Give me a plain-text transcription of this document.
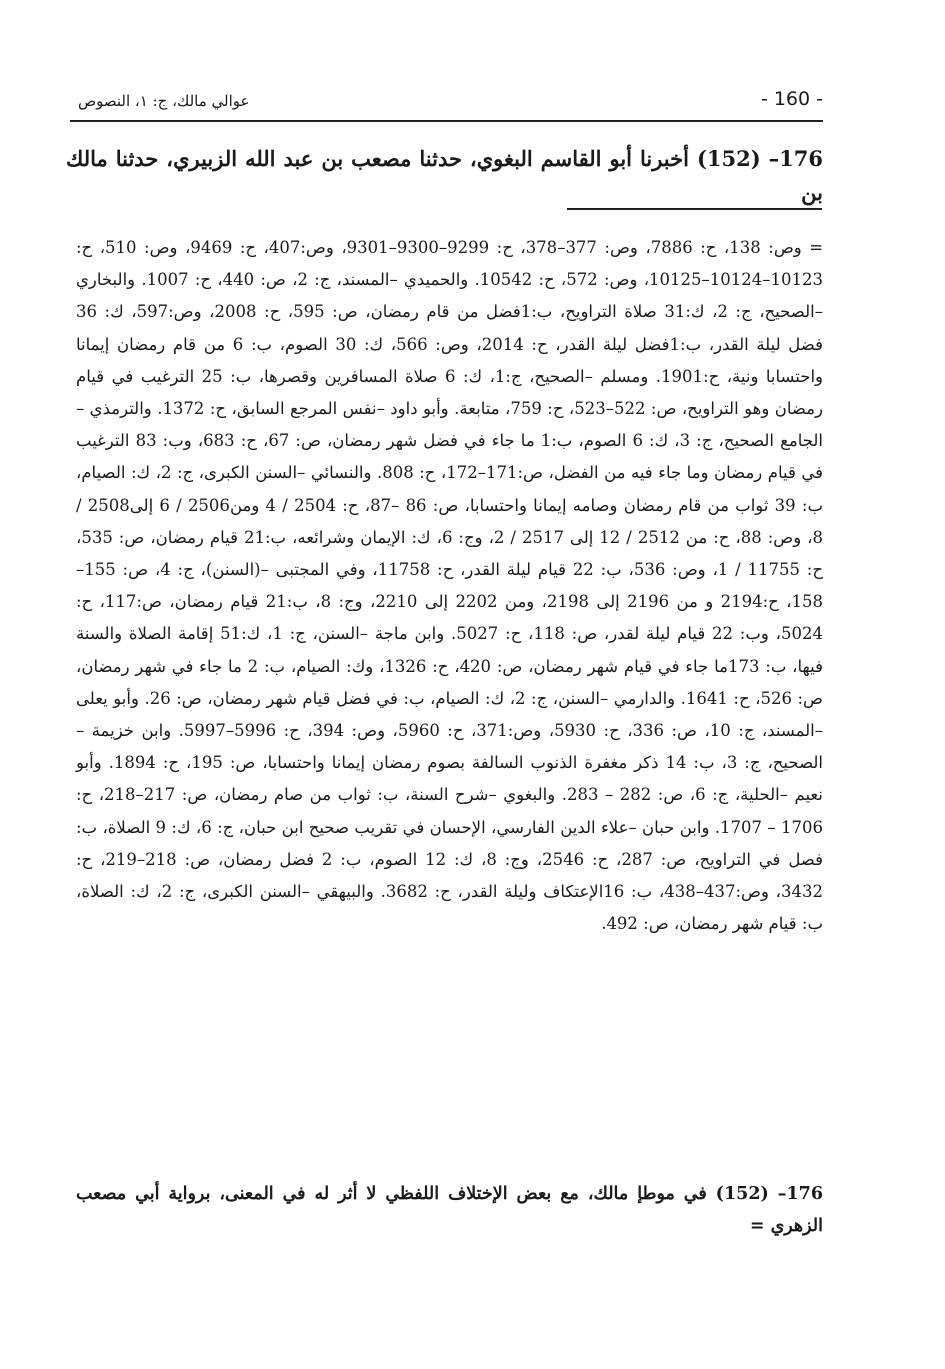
- 160 -
عوالي مالك، ج: ١، النصوص
176– (152) أخبرنا أبو القاسم البغوي، حدثنا مصعب بن عبد الله الزبيري، حدثنا مالك بن
= وص: 138، ح: 7886، وص: 377–378، ح: 9299–9300–9301، وص:407، ح: 9469، وص: 510، ح: 10123–10124–10125، وص: 572، ح: 10542. والحميدي –المسند، ج: 2، ص: 440، ح: 1007. والبخاري –الصحيح، ج: 2، ك:31 صلاة التراويح، ب:1فضل من قام رمضان، ص: 595، ح: 2008، وص:597، ك: 36 فضل ليلة القدر، ب:1فضل ليلة القدر، ح: 2014، وص: 566، ك: 30 الصوم، ب: 6 من قام رمضان إيمانا واحتسابا ونية، ح:1901. ومسلم –الصحيح، ج:1، ك: 6 صلاة المسافرين وقصرها، ب: 25 الترغيب في قيام رمضان وهو التراويح، ص: 522–523، ح: 759، متابعة. وأبو داود –نفس المرجع السابق، ح: 1372. والترمذي –الجامع الصحيح، ج: 3، ك: 6 الصوم، ب:1 ما جاء في فضل شهر رمضان، ص: 67، ح: 683، وب: 83 الترغيب في قيام رمضان وما جاء فيه من الفضل، ص:171–172، ح: 808. والنسائي –السنن الكبرى، ج: 2، ك: الصيام، ب: 39 ثواب من قام رمضان وصامه إيمانا واحتسابا، ص: 86 –87، ح: 2504 / 4 ومن2506 / 6 إلى2508 / 8، وص: 88، ح: من 2512 / 12 إلى 2517 / 2، وج: 6، ك: الإيمان وشرائعه، ب:21 قيام رمضان، ص: 535، ح: 11755 / 1، وص: 536، ب: 22 قيام ليلة القدر، ح: 11758، وفي المجتبى –(السنن)، ج: 4، ص: 155– 158، ح:2194 و من 2196 إلى 2198، ومن 2202 إلى 2210، وج: 8، ب:21 قيام رمضان، ص:117، ح: 5024، وب: 22 قيام ليلة لقدر، ص: 118، ح: 5027. وابن ماجة –السنن، ج: 1، ك:51 إقامة الصلاة والسنة فيها، ب: 173ما جاء في قيام شهر رمضان، ص: 420، ح: 1326، وك: الصيام، ب: 2 ما جاء في شهر رمضان، ص: 526، ح: 1641. والدارمي –السنن، ج: 2، ك: الصيام، ب: في فضل قيام شهر رمضان، ص: 26. وأبو يعلى –المسند، ج: 10، ص: 336، ح: 5930، وص:371، ح: 5960، وص: 394، ح: 5996–5997. وابن خزيمة –الصحيح، ج: 3، ب: 14 ذكر مغفرة الذنوب السالفة بصوم رمضان إيمانا واحتسابا، ص: 195، ح: 1894. وأبو نعيم –الحلية، ج: 6، ص: 282 – 283. والبغوي –شرح السنة، ب: ثواب من صام رمضان، ص: 217–218، ح: 1706 – 1707. وابن حبان –علاء الدين الفارسي، الإحسان في تقريب صحيح ابن حبان، ج: 6، ك: 9 الصلاة، ب: فصل في التراويح، ص: 287، ح: 2546، وج: 8، ك: 12 الصوم، ب: 2 فضل رمضان، ص: 218–219، ح: 3432، وص:437–438، ب: 16الإعتكاف وليلة القدر، ح: 3682. والبيهقي –السنن الكبرى، ج: 2، ك: الصلاة، ب: قيام شهر رمضان، ص: 492.
176– (152) في موطإ مالك، مع بعض الإختلاف اللفظي لا أثر له في المعنى، برواية أبي مصعب الزهري =
